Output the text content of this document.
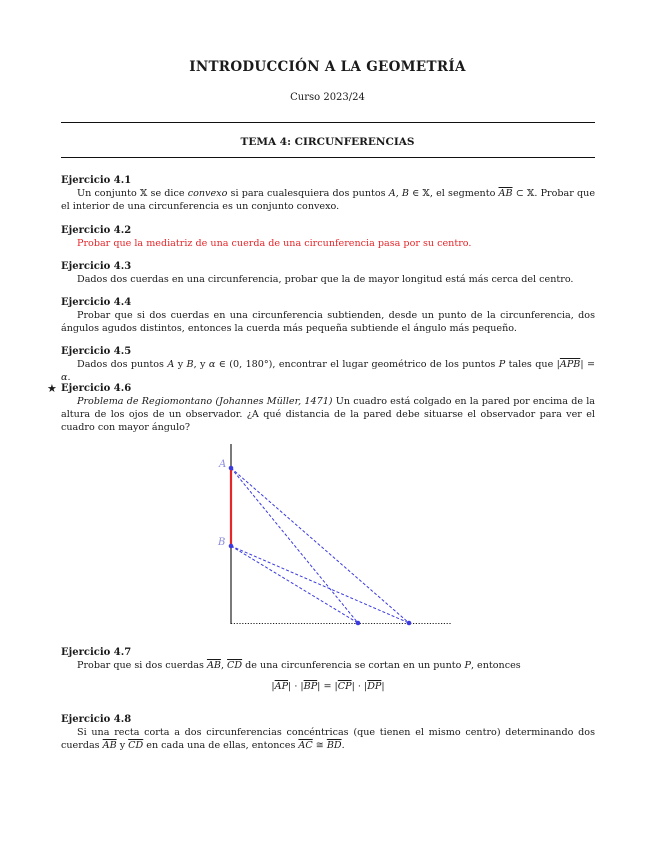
INTRODUCCIÓN A LA GEOMETRÍA
Curso 2023/24
TEMA 4: CIRCUNFERENCIAS
Ejercicio 4.1
Un conjunto 𝕏 se dice convexo si para cualesquiera dos puntos A, B ∈ 𝕏, el segmento $\overline{AB}$ ⊂ 𝕏. Probar que el interior de una circunferencia es un conjunto convexo.
Ejercicio 4.2
Probar que la mediatriz de una cuerda de una circunferencia pasa por su centro.
Ejercicio 4.3
Dados dos cuerdas en una circunferencia, probar que la de mayor longitud está más cerca del centro.
Ejercicio 4.4
Probar que si dos cuerdas en una circunferencia subtienden, desde un punto de la circunferencia, dos ángulos agudos distintos, entonces la cuerda más pequeña subtiende el ángulo más pequeño.
Ejercicio 4.5
Dados dos puntos A y B, y α ∈ (0, 180°), encontrar el lugar geométrico de los puntos P tales que $|\overline{APB}| = \alpha$.
★ Ejercicio 4.6
Problema de Regiomontano (Johannes Müller, 1471) Un cuadro está colgado en la pared por encima de la altura de los ojos de un observador. ¿A qué distancia de la pared debe situarse el observador para ver el cuadro con mayor ángulo?
A
B
Ejercicio 4.7
Probar que si dos cuerdas $\overline{AB}$, $\overline{CD}$ de una circunferencia se cortan en un punto P, entonces
$|\overline{AP}| \cdot |\overline{BP}| = |\overline{CP}| \cdot |\overline{DP}|$
Ejercicio 4.8
Si una recta corta a dos circunferencias concéntricas (que tienen el mismo centro) determinando dos cuerdas $\overline{AB}$ y $\overline{CD}$ en cada una de ellas, entonces $\overline{AC}$ ≅ $\overline{BD}$.
